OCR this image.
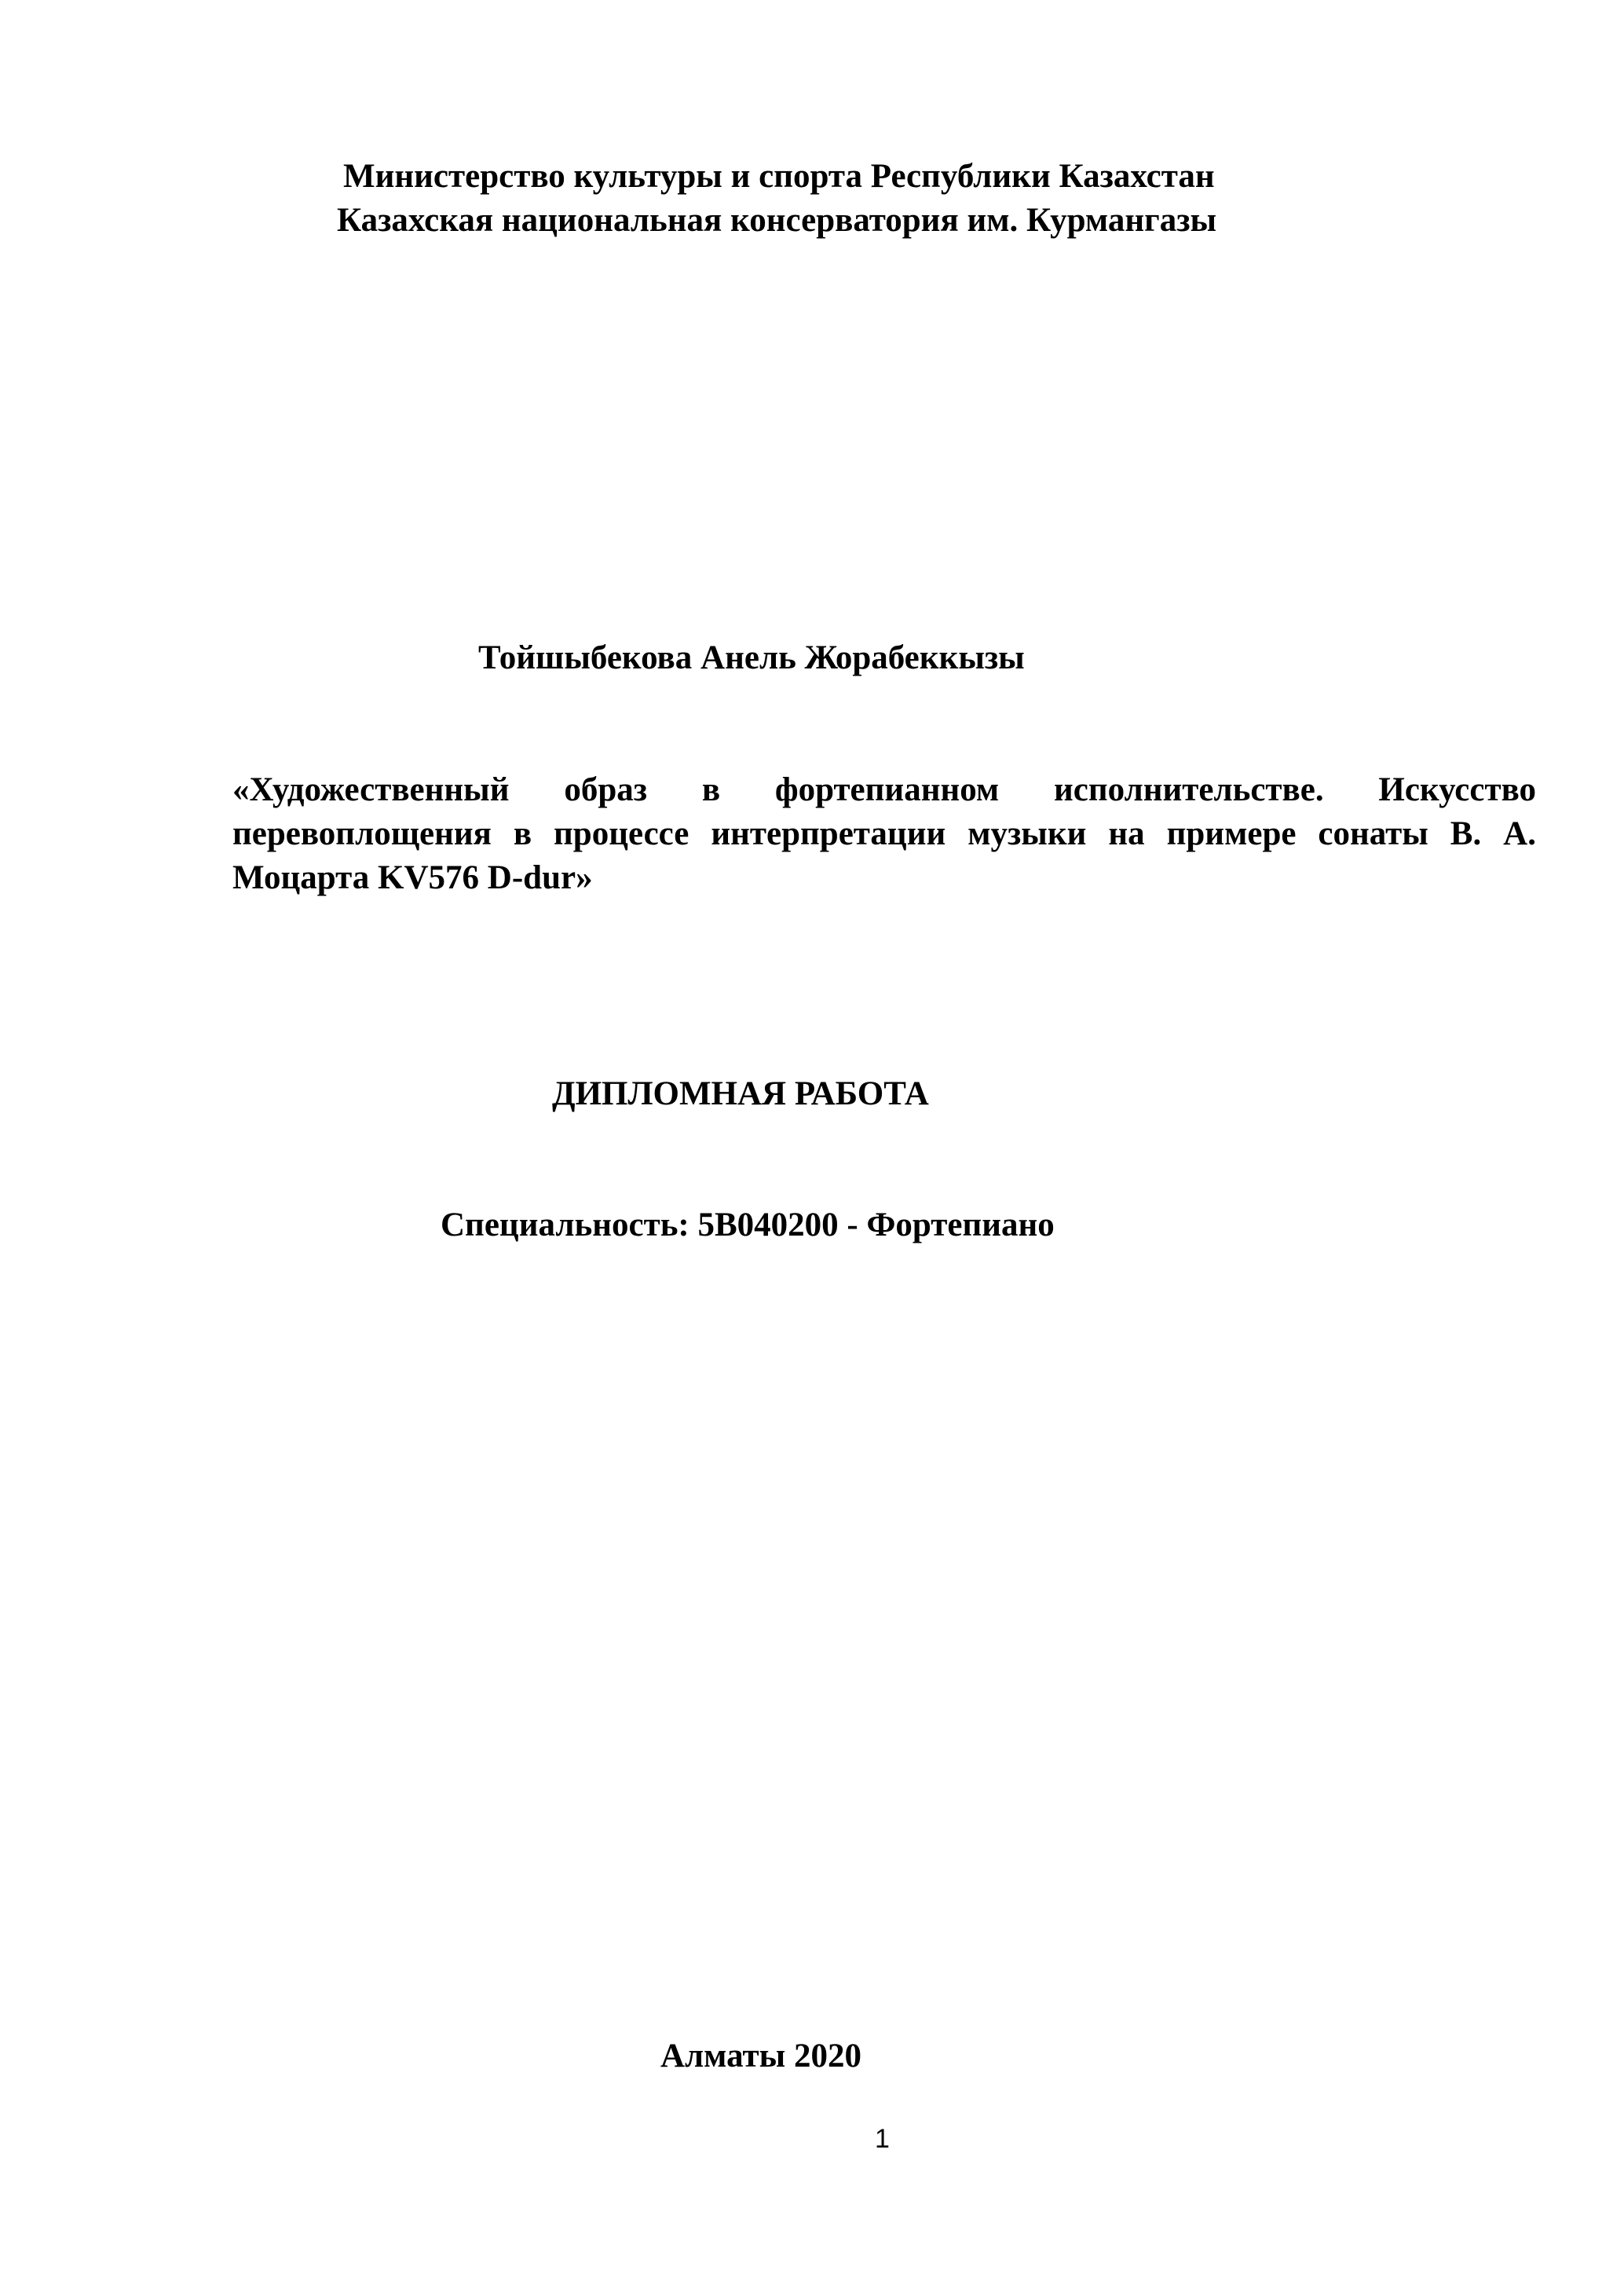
Министерство культуры и спорта Республики Казахстан

Казахская национальная консерватория им. Курмангазы

Тойшыбекова Анель Жорабеккызы

«Художественный образ в фортепианном исполнительстве. Искусство перевоплощения в процессе интерпретации музыки на примере сонаты В. А. Моцарта KV576 D-dur»

ДИПЛОМНАЯ РАБОТА

Специальность: 5В040200 - Фортепиано

Алматы 2020

1
